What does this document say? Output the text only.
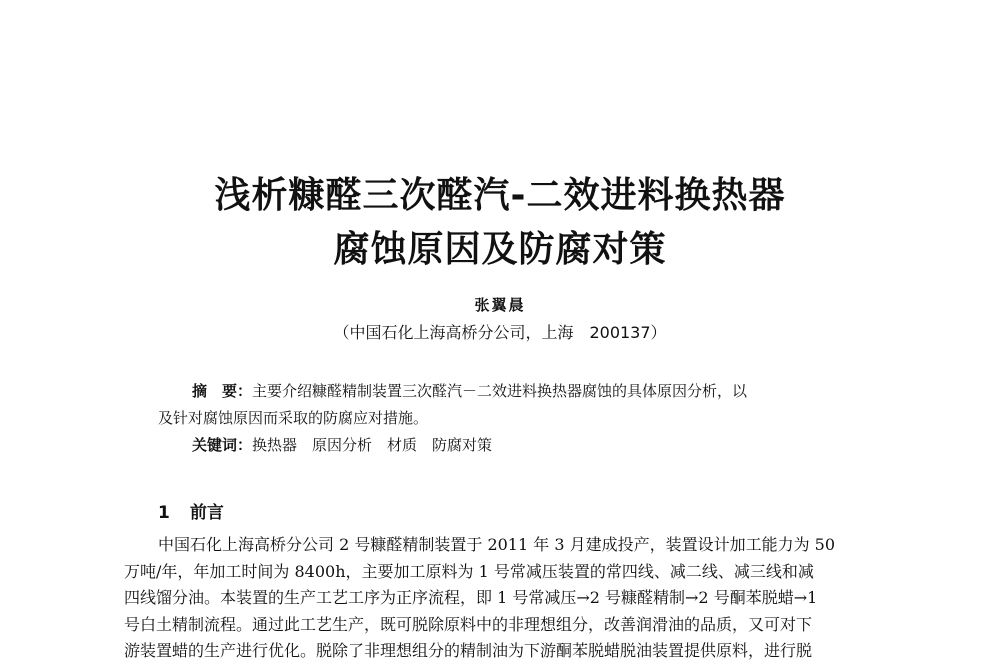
浅析糠醛三次醛汽-二效进料换热器
腐蚀原因及防腐对策
张翼晨
（中国石化上海高桥分公司，上海　200137）
摘　要：主要介绍糠醛精制装置三次醛汽－二效进料换热器腐蚀的具体原因分析，以
及针对腐蚀原因而采取的防腐应对措施。
关键词：换热器　原因分析　材质　防腐对策
1 前言
中国石化上海高桥分公司 2 号糠醛精制装置于 2011 年 3 月建成投产，装置设计加工能力为 50
万吨/年，年加工时间为 8400h，主要加工原料为 1 号常减压装置的常四线、减二线、减三线和减
四线馏分油。本装置的生产工艺工序为正序流程，即 1 号常减压→2 号糠醛精制→2 号酮苯脱蜡→1
号白土精制流程。通过此工艺生产，既可脱除原料中的非理想组分，改善润滑油的品质，又可对下
游装置蜡的生产进行优化。脱除了非理想组分的精制油为下游酮苯脱蜡脱油装置提供原料，进行脱
